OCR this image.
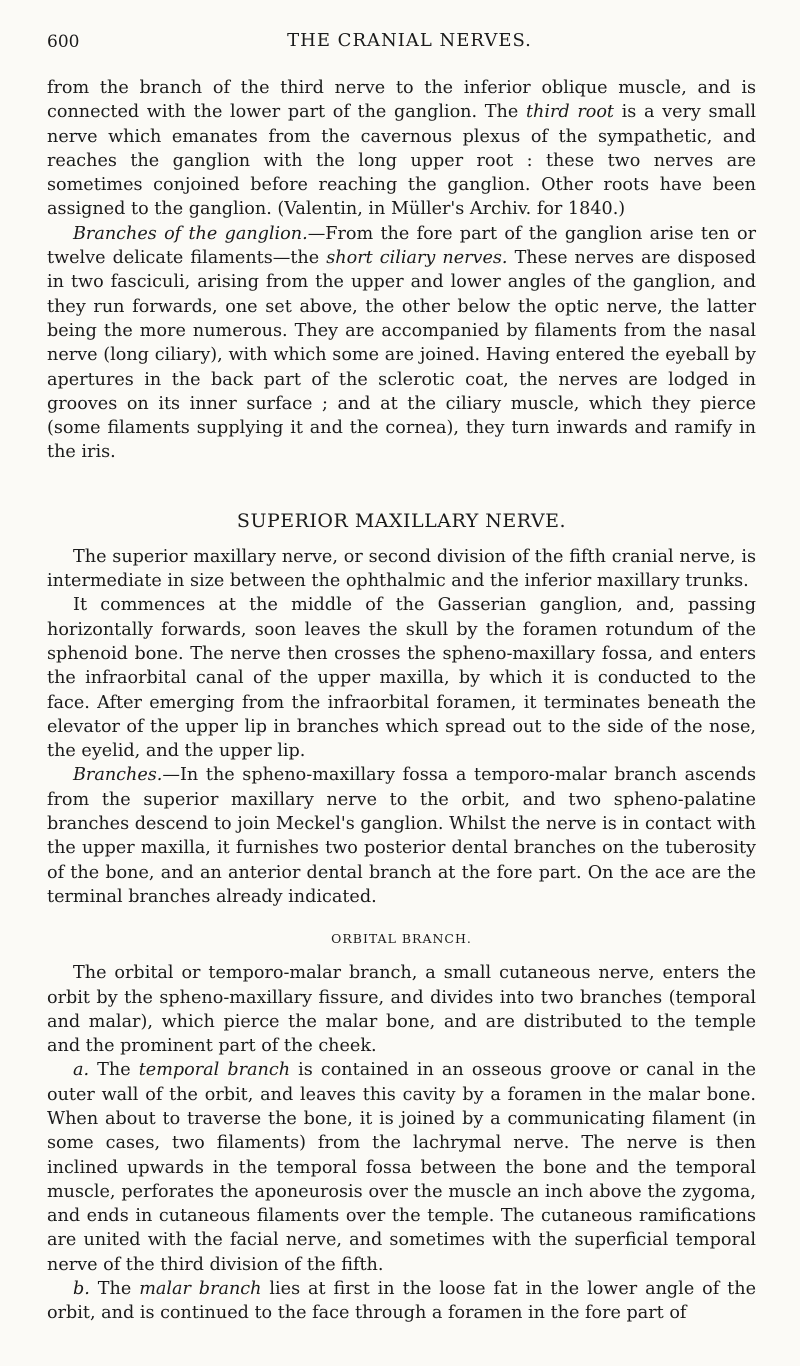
600	THE CRANIAL NERVES.

from the branch of the third nerve to the inferior oblique muscle, and is connected with the lower part of the ganglion. The third root is a very small nerve which emanates from the cavernous plexus of the sympathetic, and reaches the ganglion with the long upper root : these two nerves are sometimes conjoined before reaching the ganglion. Other roots have been assigned to the ganglion. (Valentin, in Müller's Archiv. for 1840.)

Branches of the ganglion.—From the fore part of the ganglion arise ten or twelve delicate filaments—the short ciliary nerves. These nerves are disposed in two fasciculi, arising from the upper and lower angles of the ganglion, and they run forwards, one set above, the other below the optic nerve, the latter being the more numerous. They are accompanied by filaments from the nasal nerve (long ciliary), with which some are joined. Having entered the eyeball by apertures in the back part of the sclerotic coat, the nerves are lodged in grooves on its inner surface ; and at the ciliary muscle, which they pierce (some filaments supplying it and the cornea), they turn inwards and ramify in the iris.

SUPERIOR MAXILLARY NERVE.

The superior maxillary nerve, or second division of the fifth cranial nerve, is intermediate in size between the ophthalmic and the inferior maxillary trunks.

It commences at the middle of the Gasserian ganglion, and, passing horizontally forwards, soon leaves the skull by the foramen rotundum of the sphenoid bone. The nerve then crosses the spheno-maxillary fossa, and enters the infraorbital canal of the upper maxilla, by which it is conducted to the face. After emerging from the infraorbital foramen, it terminates beneath the elevator of the upper lip in branches which spread out to the side of the nose, the eyelid, and the upper lip.

Branches.—In the spheno-maxillary fossa a temporo-malar branch ascends from the superior maxillary nerve to the orbit, and two spheno-palatine branches descend to join Meckel's ganglion. Whilst the nerve is in contact with the upper maxilla, it furnishes two posterior dental branches on the tuberosity of the bone, and an anterior dental branch at the fore part. On the ace are the terminal branches already indicated.

ORBITAL BRANCH.

The orbital or temporo-malar branch, a small cutaneous nerve, enters the orbit by the spheno-maxillary fissure, and divides into two branches (temporal and malar), which pierce the malar bone, and are distributed to the temple and the prominent part of the cheek.

a. The temporal branch is contained in an osseous groove or canal in the outer wall of the orbit, and leaves this cavity by a foramen in the malar bone. When about to traverse the bone, it is joined by a communicating filament (in some cases, two filaments) from the lachrymal nerve. The nerve is then inclined upwards in the temporal fossa between the bone and the temporal muscle, perforates the aponeurosis over the muscle an inch above the zygoma, and ends in cutaneous filaments over the temple. The cutaneous ramifications are united with the facial nerve, and sometimes with the superficial temporal nerve of the third division of the fifth.

b. The malar branch lies at first in the loose fat in the lower angle of the orbit, and is continued to the face through a foramen in the fore part of
